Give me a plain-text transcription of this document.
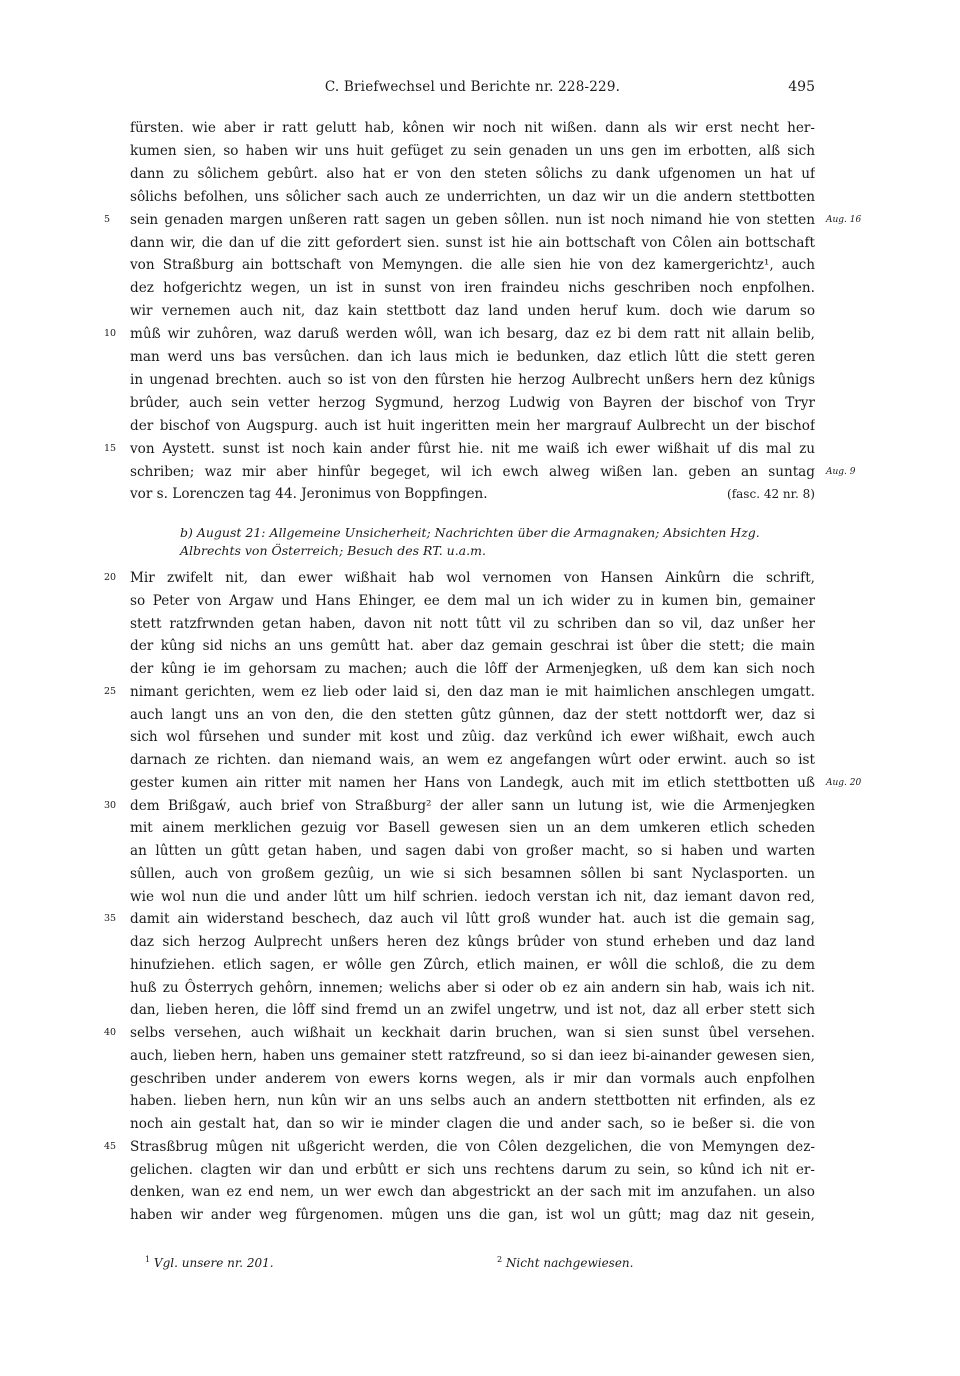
C. Briefwechsel und Berichte nr. 228-229.	495
fürsten. wie aber ir ratt gelutt hab, kônen wir noch nit wißen. dann als wir erst necht her-
kumen sien, so haben wir uns huit gefüget zu sein genaden un uns gen im erbotten, alß sich
dann zu sôlichem gebûrt. also hat er von den steten sôlichs zu dank ufgenomen un hat uf
sôlichs befolhen, uns sôlicher sach auch ze underrichten, un daz wir un die andern stettbotten
sein genaden margen unßeren ratt sagen un geben sôllen. nun ist noch nimand hie von stetten
5	Aug. 16
dann wir, die dan uf die zitt gefordert sien. sunst ist hie ain bottschaft von Côlen ain bottschaft
von Straßburg ain bottschaft von Memyngen. die alle sien hie von dez kamergerichtz¹, auch
dez hofgerichtz wegen, un ist in sunst von iren fraindeu nichs geschriben noch enpfolhen.
wir vernemen auch nit, daz kain stettbott daz land unden heruf kum. doch wie darum so
mûß wir zuhôren, waz daruß werden wôll, wan ich besarg, daz ez bi dem ratt nit allain belib,
10
man werd uns bas versûchen. dan ich laus mich ie bedunken, daz etlich lûtt die stett geren
in ungenad brechten. auch so ist von den fûrsten hie herzog Aulbrecht unßers hern dez kûnigs
brûder, auch sein vetter herzog Sygmund, herzog Ludwig von Bayren der bischof von Tryr
der bischof von Augspurg. auch ist huit ingeritten mein her margrauf Aulbrecht un der bischof
von Aystett. sunst ist noch kain ander fûrst hie. nit me waiß ich ewer wißhait uf dis mal zu
15
schriben; waz mir aber hinfûr begeget, wil ich ewch alweg wißen lan. geben an suntag Aug. 9
vor s. Lorenczen tag 44. Jeronimus von Boppfingen.	(fasc. 42 nr. 8)
b) August 21: Allgemeine Unsicherheit; Nachrichten über die Armagnaken; Absichten Hzg.
Albrechts von Österreich; Besuch des RT. u.a.m.
Mir zwifelt nit, dan ewer wißhait hab wol vernomen von Hansen Ainkûrn die schrift,
20
so Peter von Argaw und Hans Ehinger, ee dem mal un ich wider zu in kumen bin, gemainer
stett ratzfrwnden getan haben, davon nit nott tûtt vil zu schriben dan so vil, daz unßer her
der kûng sid nichs an uns gemûtt hat. aber daz gemain geschrai ist ûber die stett; die main
der kûng ie im gehorsam zu machen; auch die lôff der Armenjegken, uß dem kan sich noch
nimant gerichten, wem ez lieb oder laid si, den daz man ie mit haimlichen anschlegen umgatt.
25
auch langt uns an von den, die den stetten gûtz gûnnen, daz der stett nottdorft wer, daz si
sich wol fûrsehen und sunder mit kost und zûig. daz verkûnd ich ewer wißhait, ewch auch
darnach ze richten. dan niemand wais, an wem ez angefangen wûrt oder erwint. auch so ist
gester kumen ain ritter mit namen her Hans von Landegk, auch mit im etlich stettbotten uß Aug. 20
dem Brißgaẃ, auch brief von Straßburg² der aller sann un lutung ist, wie die Armenjegken
30
mit ainem merklichen gezuig vor Basell gewesen sien un an dem umkeren etlich scheden
an lûtten un gûtt getan haben, und sagen dabi von großer macht, so si haben und warten
sûllen, auch von großem gezûig, un wie si sich besamnen sôllen bi sant Nyclasporten. un
wie wol nun die und ander lûtt um hilf schrien. iedoch verstan ich nit, daz iemant davon red,
damit ain widerstand beschech, daz auch vil lûtt groß wunder hat. auch ist die gemain sag,
35
daz sich herzog Aulprecht unßers heren dez kûngs brûder von stund erheben und daz land
hinufziehen. etlich sagen, er wôlle gen Zûrch, etlich mainen, er wôll die schloß, die zu dem
huß zu Ôsterrych gehôrn, innemen; welichs aber si oder ob ez ain andern sin hab, wais ich nit.
dan, lieben heren, die lôff sind fremd un an zwifel ungetrw, und ist not, daz all erber stett sich
selbs versehen, auch wißhait un keckhait darin bruchen, wan si sien sunst ûbel versehen.
40
auch, lieben hern, haben uns gemainer stett ratzfreund, so si dan ieez bi-ainander gewesen sien,
geschriben under anderem von ewers korns wegen, als ir mir dan vormals auch enpfolhen
haben. lieben hern, nun kûn wir an uns selbs auch an andern stettbotten nit erfinden, als ez
noch ain gestalt hat, dan so wir ie minder clagen die und ander sach, so ie beßer si. die von
Strasßbrug mûgen nit ußgericht werden, die von Côlen dezgelichen, die von Memyngen dez-
45
gelichen. clagten wir dan und erbûtt er sich uns rechtens darum zu sein, so kûnd ich nit er-
denken, wan ez end nem, un wer ewch dan abgestrickt an der sach mit im anzufahen. un also
haben wir ander weg fûrgenomen. mûgen uns die gan, ist wol un gûtt; mag daz nit gesein,
$^1$ Vgl. unsere nr. 201.	$^2$ Nicht nachgewiesen.
